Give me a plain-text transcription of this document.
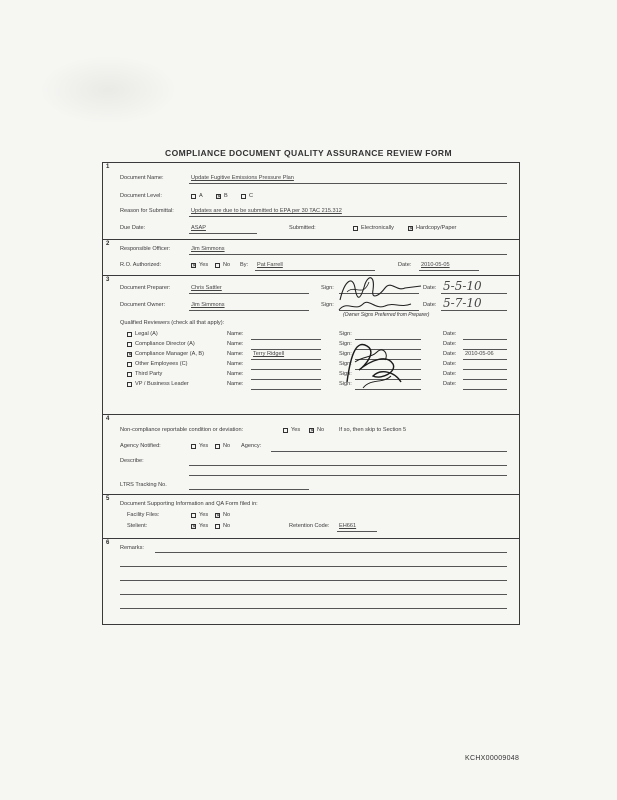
COMPLIANCE DOCUMENT QUALITY ASSURANCE REVIEW FORM
1
Document Name:	Update Fugitive Emissions Pressure Plan
Document Level:	A ✕	B	C
Reason for Submittal:	Updates are due to be submitted to EPA per 30 TAC 215.312
Due Date:	ASAP	Submitted:	Electronically ✕	Hardcopy/Paper
2
Responsible Officer:	Jim Simmons
R.O. Authorized: ✕	Yes	No By: Pat Farrell	Date: 2010-05-05
3
Document Preparer:	Chris Sattler	Sign:	Date: 5-5-10
Document Owner:	Jim Simmons	Sign:	Date: 5-7-10
(Owner Signs Preferred from Preparer)
Qualified Reviewers (check all that apply):
Legal (A)	Name:	Sign:	Date:
Compliance Director (A)	Name:	Sign:	Date:
✕
Compliance Manager (A, B)	Name: Terry Ridgell	Sign:	Date: 2010-05-06
Other Employees (C)	Name:	Sign:	Date:
Third Party	Name:	Sign:	Date:
VP / Business Leader	Name:	Sign:	Date:
4
Non-compliance reportable condition or deviation:	Yes ✕	No	If so, then skip to Section 5
Agency Notified:	Yes	No Agency:
Describe:
LTRS Tracking No.
5
Document Supporting Information and QA Form filed in:
Facility Files:	Yes ✕	No
Stelient: ✕	Yes	No	Retention Code: EH661
6
Remarks:
KCHX00009048
